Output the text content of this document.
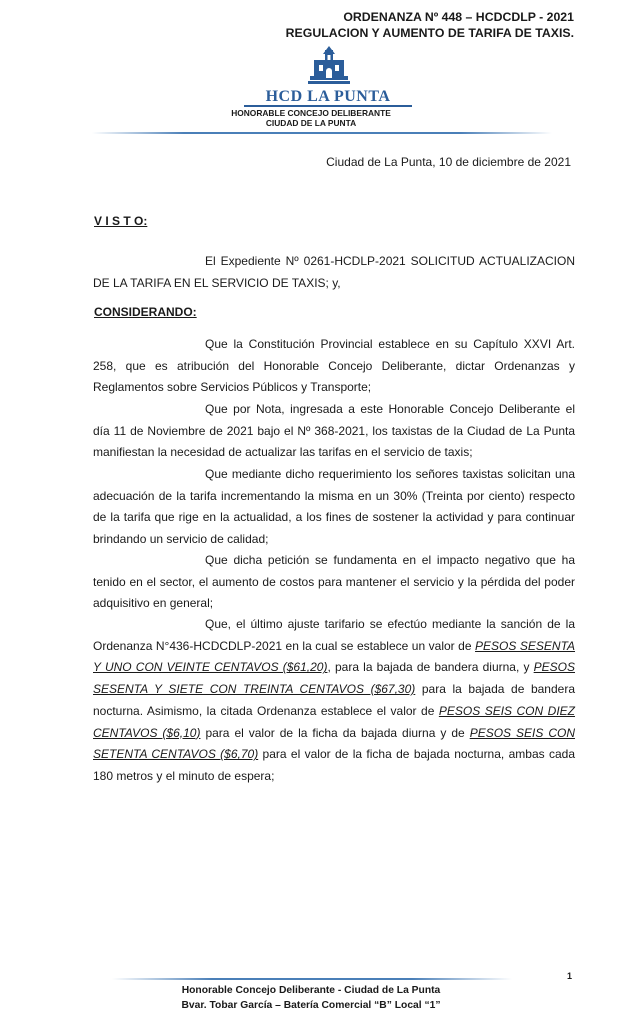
ORDENANZA Nº 448 – HCDCDLP - 2021
REGULACION Y AUMENTO DE TARIFA DE TAXIS.
HCD LA PUNTA
HONORABLE CONCEJO DELIBERANTE
CIUDAD DE LA PUNTA
Ciudad de La Punta, 10 de diciembre de 2021
V I S T O:
El Expediente Nº 0261-HCDLP-2021 SOLICITUD ACTUALIZACION DE LA TARIFA EN EL SERVICIO DE TAXIS; y,
CONSIDERANDO:
Que la Constitución Provincial establece en su Capítulo XXVI Art. 258, que es atribución del Honorable Concejo Deliberante, dictar Ordenanzas y Reglamentos sobre Servicios Públicos y Transporte;
Que por Nota, ingresada a este Honorable Concejo Deliberante el día 11 de Noviembre de 2021 bajo el Nº 368-2021, los taxistas de la Ciudad de La Punta manifiestan la necesidad de actualizar las tarifas en el servicio de taxis;
Que mediante dicho requerimiento los señores taxistas solicitan una adecuación de la tarifa incrementando la misma en un 30% (Treinta por ciento) respecto de la tarifa que rige en la actualidad, a los fines de sostener la actividad y para continuar brindando un servicio de calidad;
Que dicha petición se fundamenta en el impacto negativo que ha tenido en el sector, el aumento de costos para mantener el servicio y la pérdida del poder adquisitivo en general;
Que, el último ajuste tarifario se efectúo mediante la sanción de la Ordenanza N°436-HCDCDLP-2021 en la cual se establece un valor de PESOS SESENTA Y UNO CON VEINTE CENTAVOS ($61,20), para la bajada de bandera diurna, y PESOS SESENTA Y SIETE CON TREINTA CENTAVOS ($67,30) para la bajada de bandera nocturna. Asimismo, la citada Ordenanza establece el valor de PESOS SEIS CON DIEZ CENTAVOS ($6,10) para el valor de la ficha da bajada diurna y de PESOS SEIS CON SETENTA CENTAVOS ($6,70) para el valor de la ficha de bajada nocturna, ambas cada 180 metros y el minuto de espera;
1
Honorable Concejo Deliberante - Ciudad de La Punta
Bvar. Tobar García – Batería Comercial “B” Local “1”
